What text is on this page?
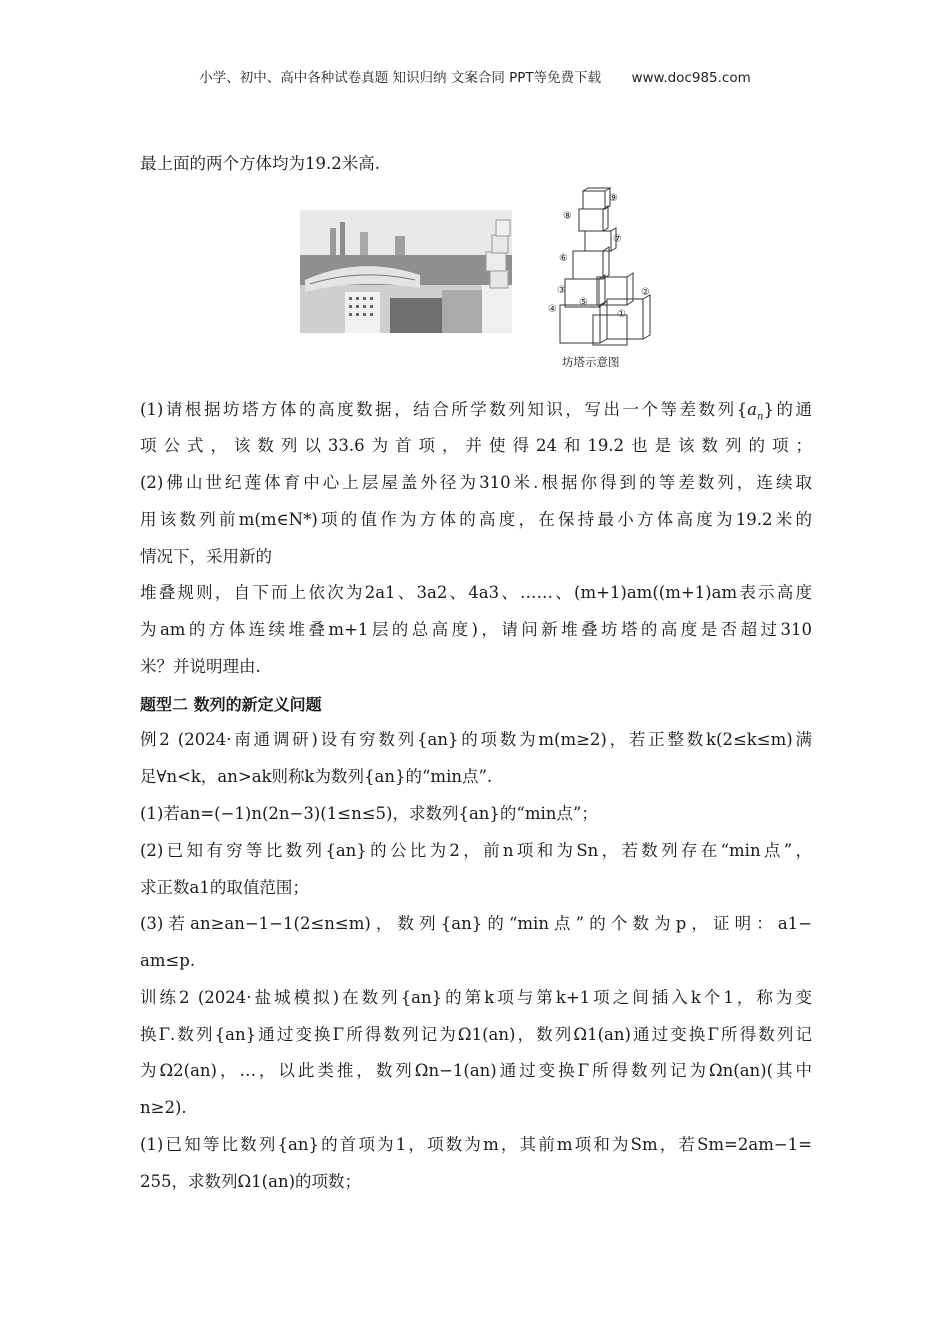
小学、初中、高中各种试卷真题 知识归纳 文案合同 PPT等免费下载 www.doc985.com
最上面的两个方体均为19.2米高.
(1)请根据坊塔方体的高度数据，结合所学数列知识，写出一个等差数列$\{a_n\}$的通
项公式，该数列以33.6为首项，并使得24和19.2也是该数列的项；
(2)佛山世纪莲体育中心上层屋盖外径为310米.根据你得到的等差数列，连续取
用该数列前m(m∈N*)项的值作为方体的高度，在保持最小方体高度为19.2米的
情况下，采用新的
堆叠规则，自下而上依次为2a1、3a2、4a3、……、(m+1)am((m+1)am表示高度
为am的方体连续堆叠m+1层的总高度)，请问新堆叠坊塔的高度是否超过310
米？并说明理由.
题型二 数列的新定义问题
例2 (2024·南通调研)设有穷数列{an}的项数为m(m≥2)，若正整数k(2≤k≤m)满
足∀n<k，an>ak则称k为数列{an}的“min点”.
(1)若an=(−1)n(2n−3)(1≤n≤5)，求数列{an}的“min点”；
(2)已知有穷等比数列{an}的公比为2，前n项和为Sn，若数列存在“min点”，
求正数a1的取值范围；
(3)若an≥an−1−1(2≤n≤m)，数列{an}的“min点”的个数为p，证明：a1−
am≤p.
训练2 (2024·盐城模拟)在数列{an}的第k项与第k+1项之间插入k个1，称为变
换Γ.数列{an}通过变换Γ所得数列记为Ω1(an)，数列Ω1(an)通过变换Γ所得数列记
为Ω2(an)，…，以此类推，数列Ωn−1(an)通过变换Γ所得数列记为Ωn(an)(其中
n≥2).
(1)已知等比数列{an}的首项为1，项数为m，其前m项和为Sm，若Sm=2am−1=
255，求数列Ω1(an)的项数；
⑨
⑧
⑦
⑥
③	②
④
⑤
①
坊塔示意图
